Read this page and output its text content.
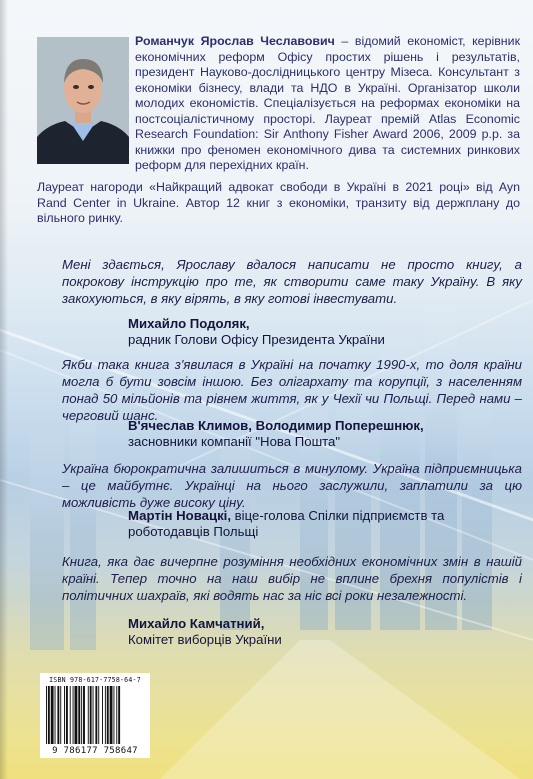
Романчук Ярослав Чеславович – відомий економіст, керівник економічних реформ Офісу простих рішень і результатів, президент Науково-дослідницького центру Мізеса. Консультант з економіки бізнесу, влади та НДО в Україні. Організатор школи молодих економістів. Спеціалізується на реформах економіки на постсоціалістичному просторі. Лауреат премій Atlas Economic Research Foundation: Sir Anthony Fisher Award 2006, 2009 р.р. за книжки про феномен економічного дива та системних ринкових реформ для перехідних країн.
Лауреат нагороди «Найкращий адвокат свободи в Україні в 2021 році» від Ayn Rand Center in Ukraine. Автор 12 книг з економіки, транзиту від держплану до вільного ринку.
Мені здається, Ярославу вдалося написати не просто книгу, а покрокову інструкцію про те, як створити саме таку Україну. В яку закохуються, в яку вірять, в яку готові інвестувати.
Михайло Подоляк,
радник Голови Офісу Президента України
Якби така книга з'явилася в Україні на початку 1990-х, то доля країни могла б бути зовсім іншою. Без олігархату та корупції, з населенням понад 50 мільйонів та рівнем життя, як у Чехії чи Польщі. Перед нами – черговий шанс.
В'ячеслав Климов, Володимир Поперешнюк,
засновники компанії "Нова Пошта"
Україна бюрократична залишиться в минулому. Україна підприємницька – це майбутнє. Українці на нього заслужили, заплатили за цю можливість дуже високу ціну.
Мартін Новацкі, віце-голова Спілки підприємств та роботодавців Польщі
Книга, яка дає вичерпне розуміння необхідних економічних змін в нашій країні. Тепер точно на наш вибір не вплине брехня популістів і політичних шахраїв, які водять нас за ніс всі роки незалежності.
Михайло Камчатний,
Комітет виборців України
ISBN 978-617-7758-64-7
9 786177 758647
